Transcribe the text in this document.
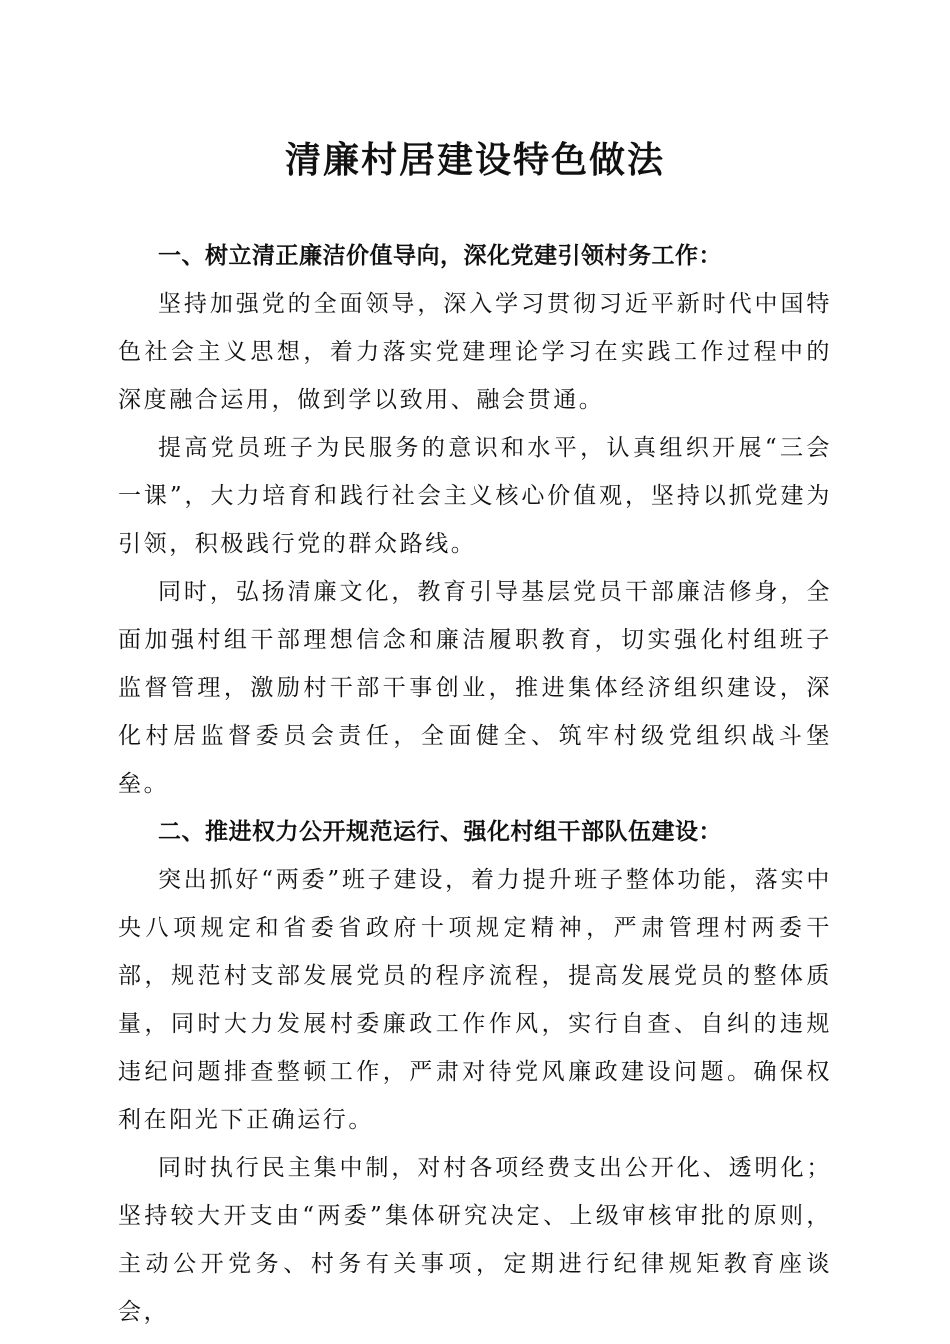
清廉村居建设特色做法

一、树立清正廉洁价值导向，深化党建引领村务工作：

坚持加强党的全面领导，深入学习贯彻习近平新时代中国特色社会主义思想，着力落实党建理论学习在实践工作过程中的深度融合运用，做到学以致用、融会贯通。

提高党员班子为民服务的意识和水平，认真组织开展“三会一课”，大力培育和践行社会主义核心价值观，坚持以抓党建为引领，积极践行党的群众路线。

同时，弘扬清廉文化，教育引导基层党员干部廉洁修身，全面加强村组干部理想信念和廉洁履职教育，切实强化村组班子监督管理，激励村干部干事创业，推进集体经济组织建设，深化村居监督委员会责任，全面健全、筑牢村级党组织战斗堡垒。

二、推进权力公开规范运行、强化村组干部队伍建设：

突出抓好“两委”班子建设，着力提升班子整体功能，落实中央八项规定和省委省政府十项规定精神，严肃管理村两委干部，规范村支部发展党员的程序流程，提高发展党员的整体质量，同时大力发展村委廉政工作作风，实行自查、自纠的违规违纪问题排查整顿工作，严肃对待党风廉政建设问题。确保权利在阳光下正确运行。

同时执行民主集中制，对村各项经费支出公开化、透明化；坚持较大开支由“两委”集体研究决定、上级审核审批的原则，主动公开党务、村务有关事项，定期进行纪律规矩教育座谈会，
